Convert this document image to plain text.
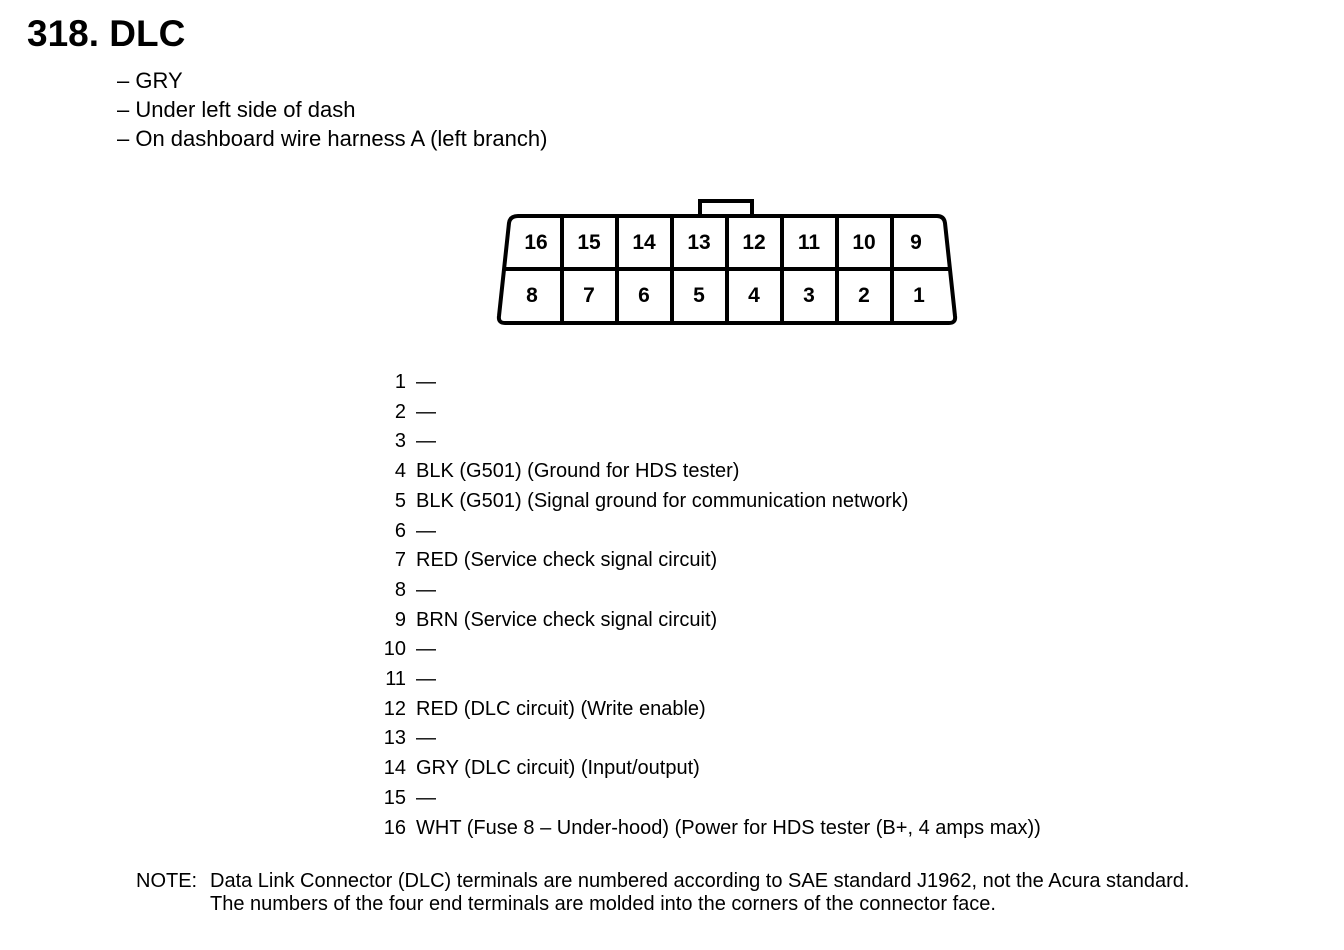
318. DLC
– GRY
– Under left side of dash
– On dashboard wire harness A (left branch)
16 15 14 13 12 11 10 9
8 7 6 5 4 3 2 1
1 —
2 —
3 —
4 BLK (G501) (Ground for HDS tester)
5 BLK (G501) (Signal ground for communication network)
6 —
7 RED (Service check signal circuit)
8 —
9 BRN (Service check signal circuit)
10 —
11 —
12 RED (DLC circuit) (Write enable)
13 —
14 GRY (DLC circuit) (Input/output)
15 —
16 WHT (Fuse 8 – Under-hood) (Power for HDS tester (B+, 4 amps max))
NOTE: Data Link Connector (DLC) terminals are numbered according to SAE standard J1962, not the Acura standard.
The numbers of the four end terminals are molded into the corners of the connector face.
